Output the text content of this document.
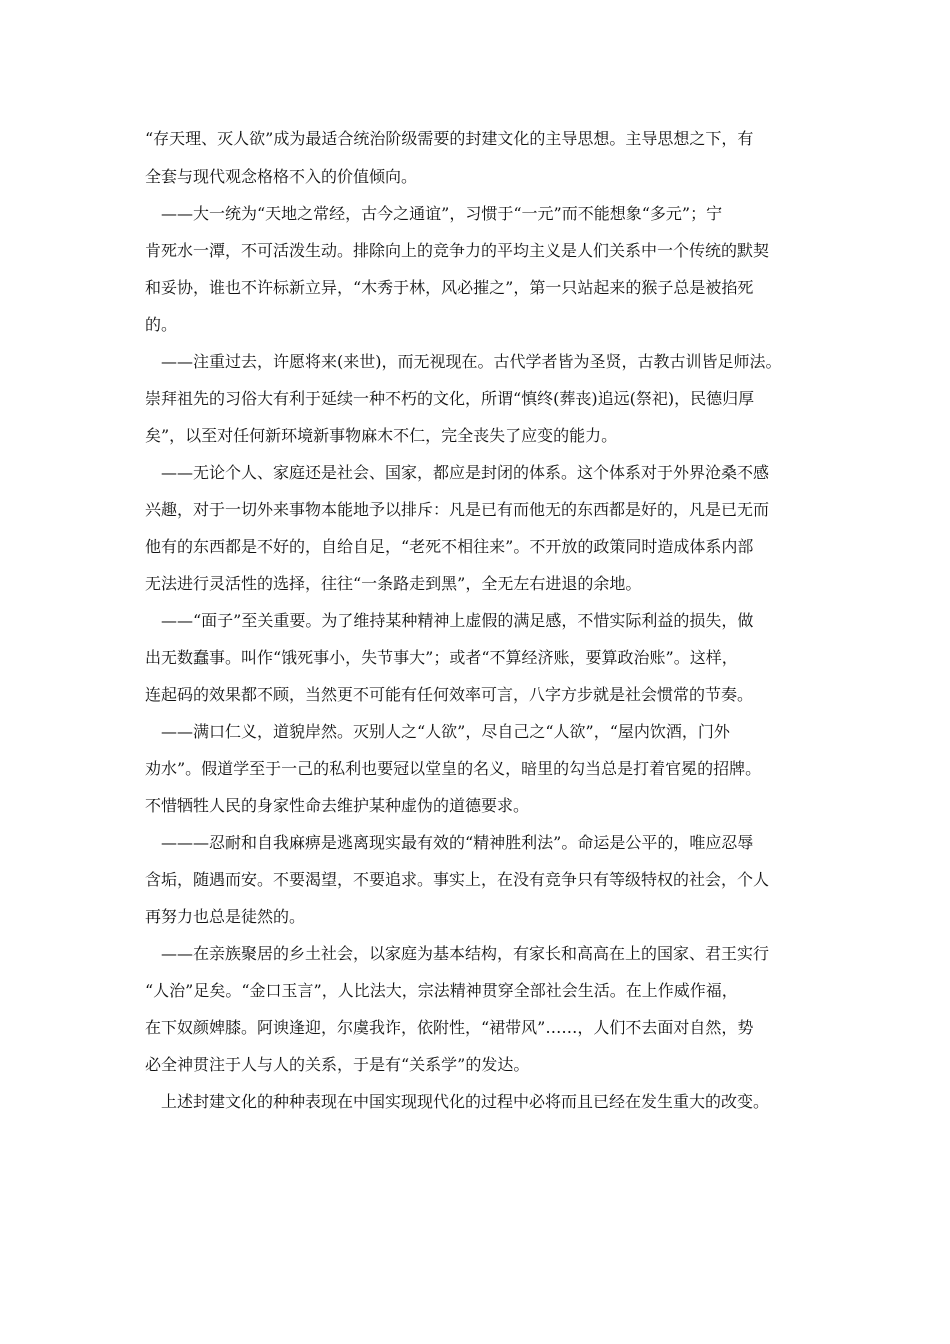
“存天理、灭人欲”成为最适合统治阶级需要的封建文化的主导思想。主导思想之下，有
全套与现代观念格格不入的价值倾向。
——大一统为“天地之常经，古今之通谊”，习惯于“一元”而不能想象“多元”；宁
肯死水一潭，不可活泼生动。排除向上的竞争力的平均主义是人们关系中一个传统的默契
和妥协，谁也不许标新立异，“木秀于林，风必摧之”，第一只站起来的猴子总是被掐死
的。
——注重过去，许愿将来(来世)，而无视现在。古代学者皆为圣贤，古教古训皆足师法。
崇拜祖先的习俗大有利于延续一种不朽的文化，所谓“慎终(葬丧)追远(祭祀)，民德归厚
矣”，以至对任何新环境新事物麻木不仁，完全丧失了应变的能力。
——无论个人、家庭还是社会、国家，都应是封闭的体系。这个体系对于外界沧桑不感
兴趣，对于一切外来事物本能地予以排斥：凡是已有而他无的东西都是好的，凡是已无而
他有的东西都是不好的，自给自足，“老死不相往来”。不开放的政策同时造成体系内部
无法进行灵活性的选择，往往“一条路走到黑”，全无左右进退的余地。
——“面子”至关重要。为了维持某种精神上虚假的满足感，不惜实际利益的损失，做
出无数蠢事。叫作“饿死事小，失节事大”；或者“不算经济账，要算政治账”。这样，
连起码的效果都不顾，当然更不可能有任何效率可言，八字方步就是社会惯常的节奏。
——满口仁义，道貌岸然。灭别人之“人欲”，尽自己之“人欲”，“屋内饮酒，门外
劝水”。假道学至于一己的私利也要冠以堂皇的名义，暗里的勾当总是打着官冕的招牌。
不惜牺牲人民的身家性命去维护某种虚伪的道德要求。
———忍耐和自我麻痹是逃离现实最有效的“精神胜利法”。命运是公平的，唯应忍辱
含垢，随遇而安。不要渴望，不要追求。事实上，在没有竞争只有等级特权的社会，个人
再努力也总是徒然的。
——在亲族聚居的乡土社会，以家庭为基本结构，有家长和高高在上的国家、君王实行
“人治”足矣。“金口玉言”，人比法大，宗法精神贯穿全部社会生活。在上作威作福，
在下奴颜婢膝。阿谀逢迎，尔虞我诈，依附性，“裙带风”……，人们不去面对自然，势
必全神贯注于人与人的关系，于是有“关系学”的发达。
上述封建文化的种种表现在中国实现现代化的过程中必将而且已经在发生重大的改变。
